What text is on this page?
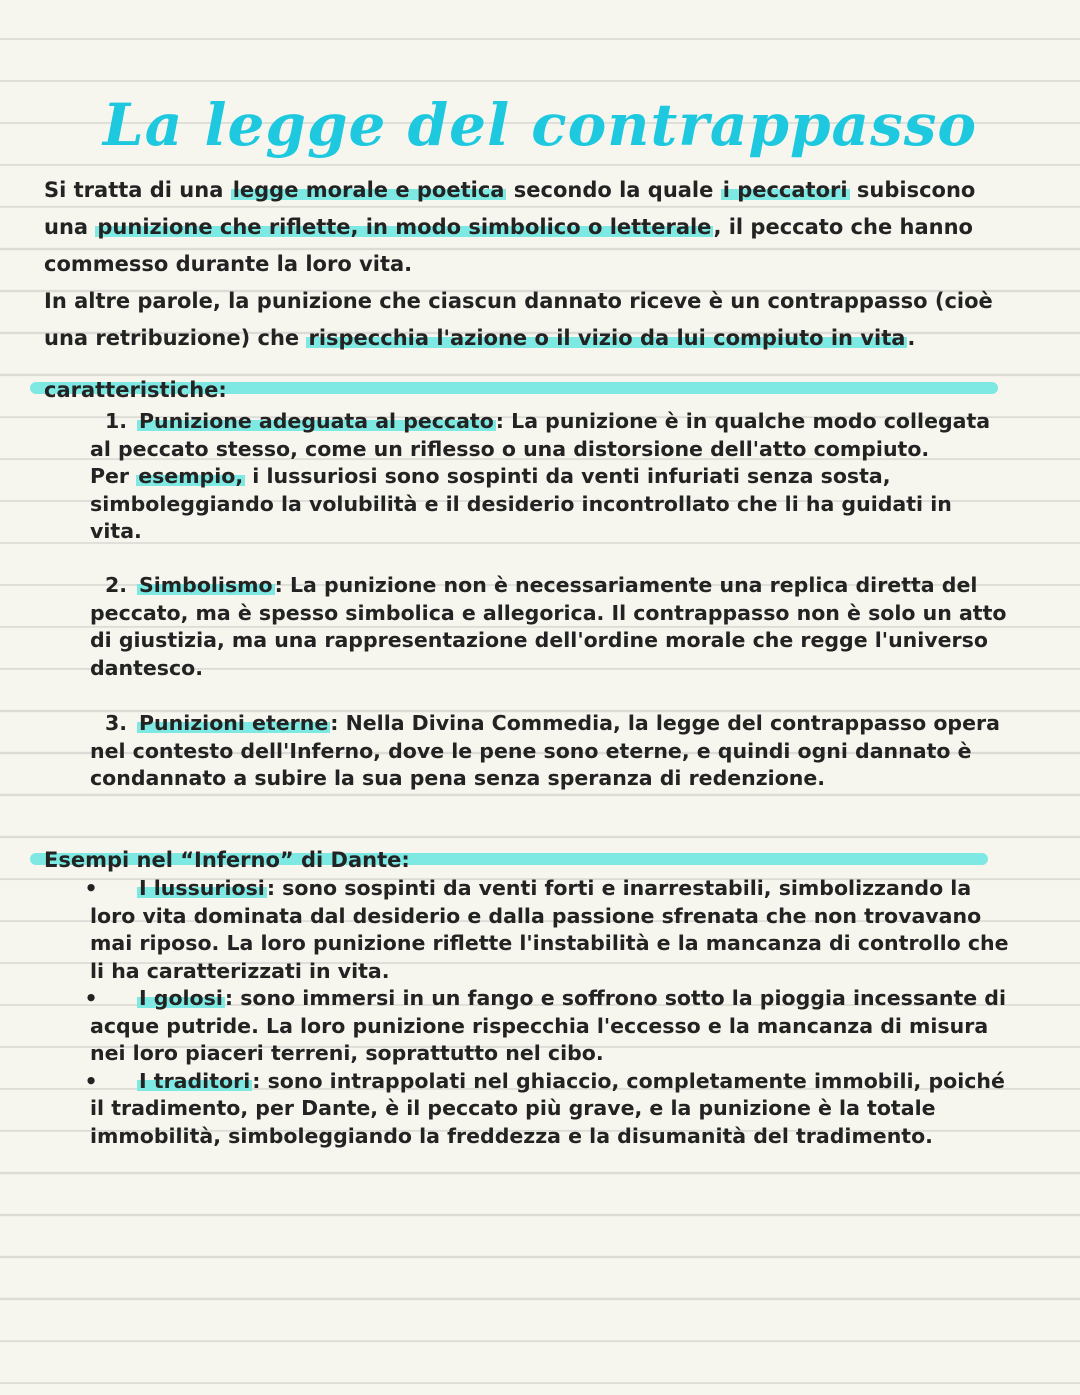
La legge del contrappasso

Si tratta di una legge morale e poetica secondo la quale i peccatori subiscono una punizione che riflette, in modo simbolico o letterale, il peccato che hanno commesso durante la loro vita.

In altre parole, la punizione che ciascun dannato riceve è un contrappasso (cioè una retribuzione) che rispecchia l'azione o il vizio da lui compiuto in vita.

caratteristiche:

1. Punizione adeguata al peccato: La punizione è in qualche modo collegata al peccato stesso, come un riflesso o una distorsione dell'atto compiuto.

Per esempio, i lussuriosi sono sospinti da venti infuriati senza sosta, simboleggiando la volubilità e il desiderio incontrollato che li ha guidati in vita.

2. Simbolismo: La punizione non è necessariamente una replica diretta del peccato, ma è spesso simbolica e allegorica. Il contrappasso non è solo un atto di giustizia, ma una rappresentazione dell'ordine morale che regge l'universo dantesco.

3. Punizioni eterne: Nella Divina Commedia, la legge del contrappasso opera nel contesto dell'Inferno, dove le pene sono eterne, e quindi ogni dannato è condannato a subire la sua pena senza speranza di redenzione.

Esempi nel “Inferno” di Dante:

• I lussuriosi: sono sospinti da venti forti e inarrestabili, simbolizzando la loro vita dominata dal desiderio e dalla passione sfrenata che non trovavano mai riposo. La loro punizione riflette l'instabilità e la mancanza di controllo che li ha caratterizzati in vita.

• I golosi: sono immersi in un fango e soffrono sotto la pioggia incessante di acque putride. La loro punizione rispecchia l'eccesso e la mancanza di misura nei loro piaceri terreni, soprattutto nel cibo.

• I traditori: sono intrappolati nel ghiaccio, completamente immobili, poiché il tradimento, per Dante, è il peccato più grave, e la punizione è la totale immobilità, simboleggiando la freddezza e la disumanità del tradimento.
